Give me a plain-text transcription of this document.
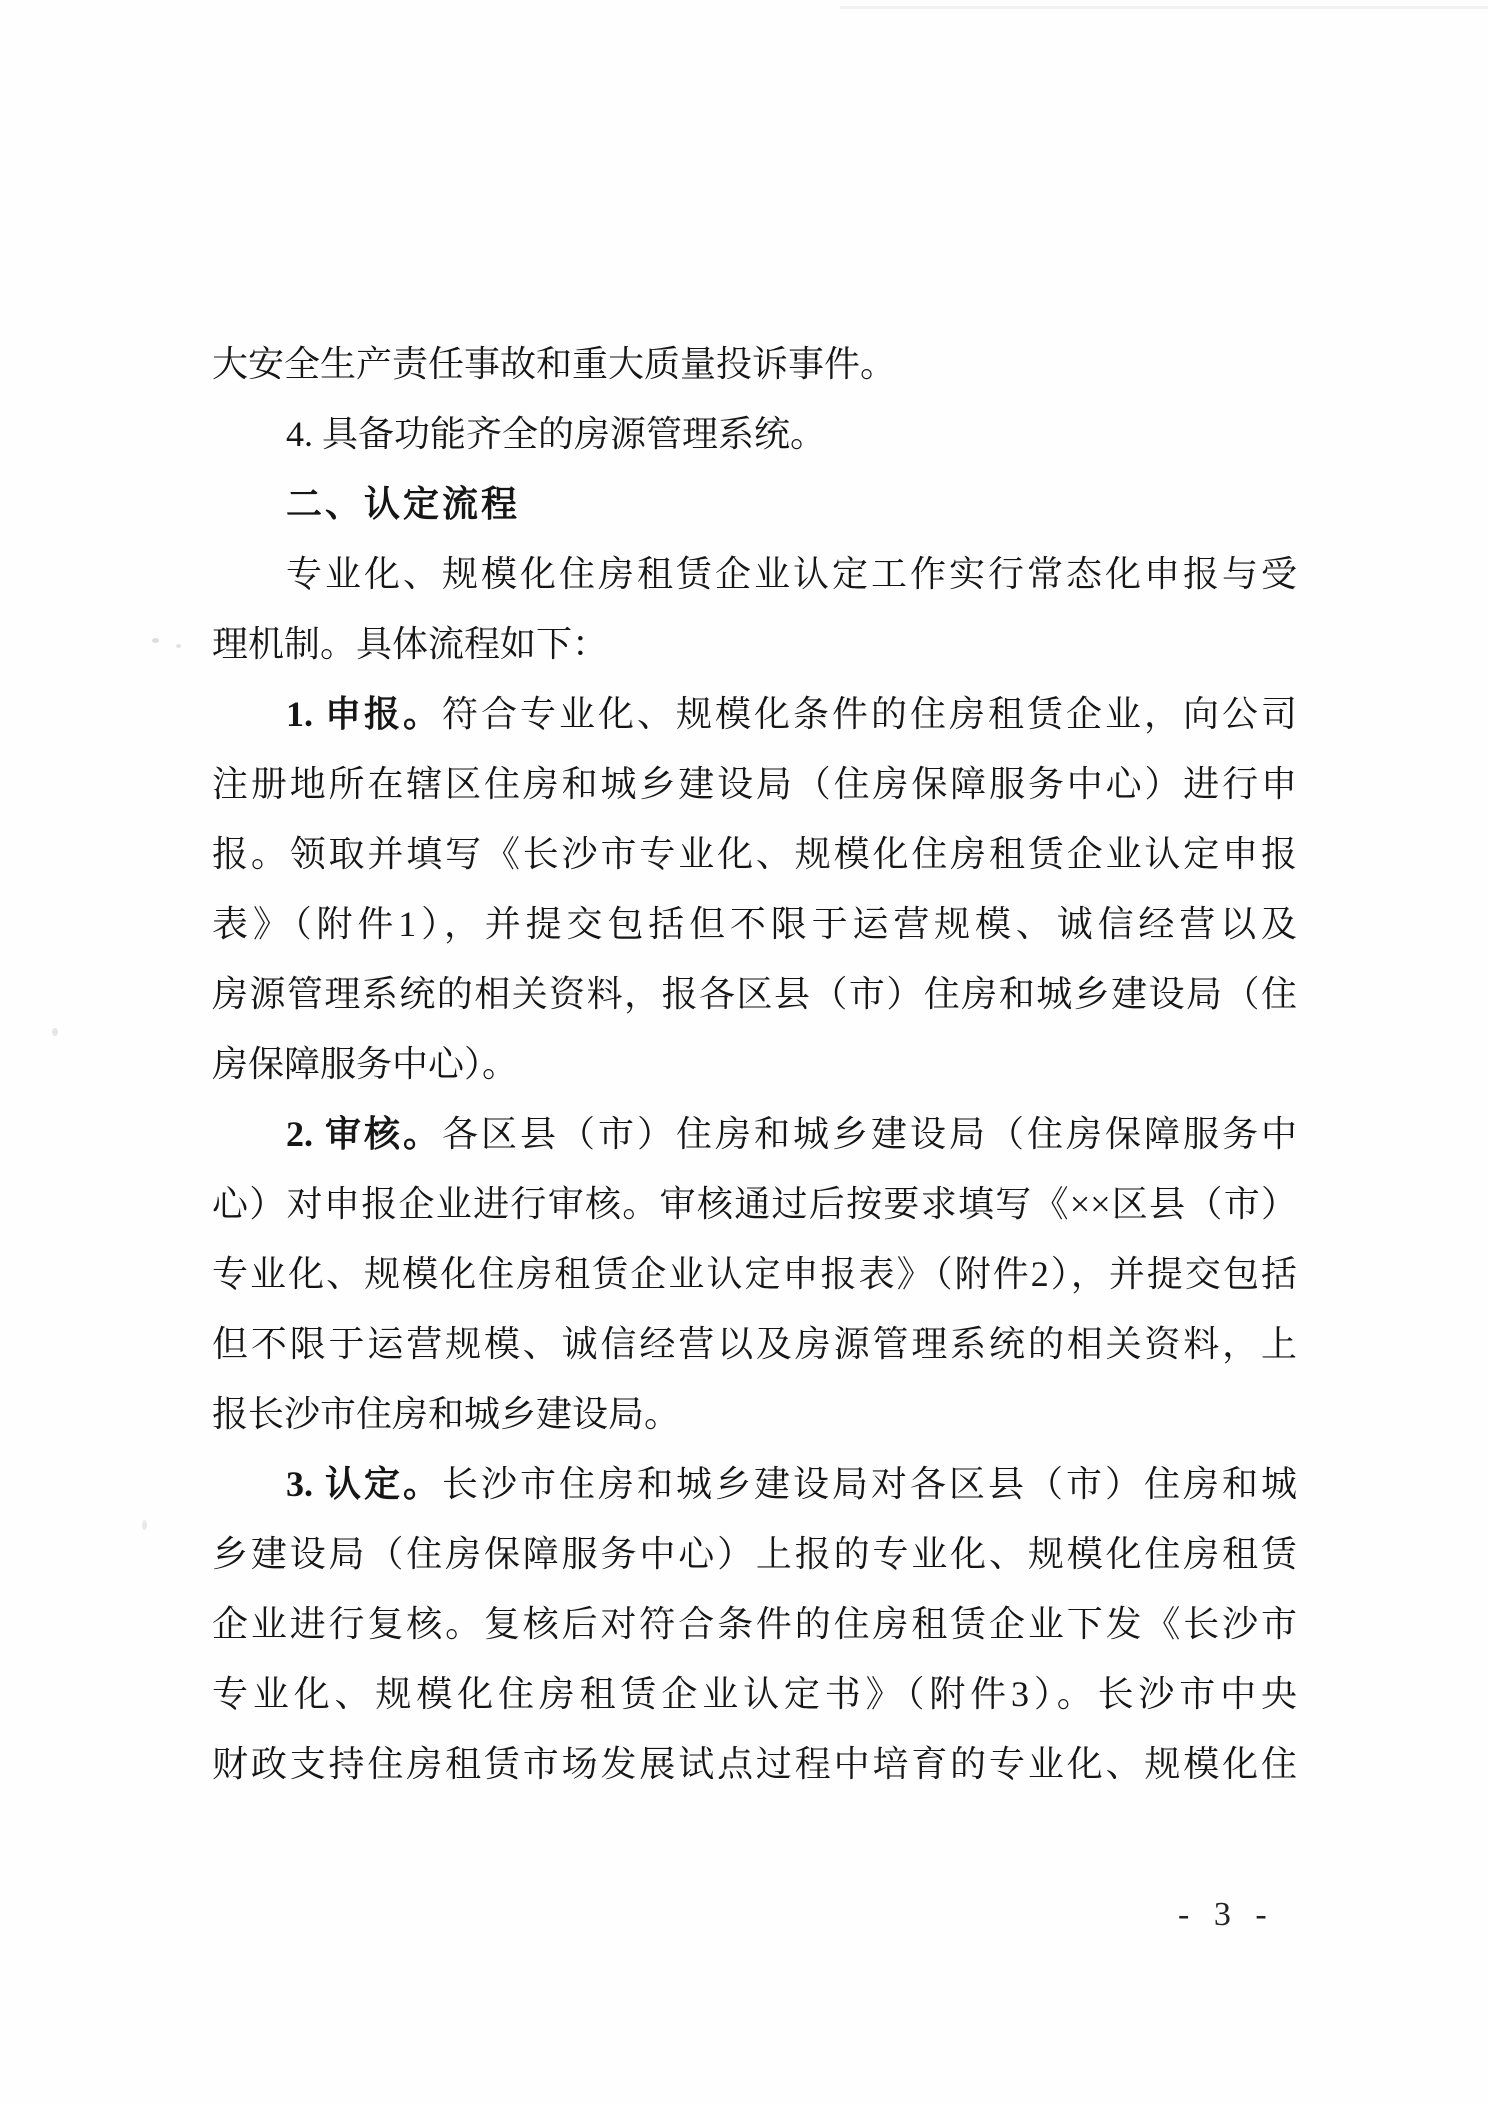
大安全生产责任事故和重大质量投诉事件。
4. 具备功能齐全的房源管理系统。
二、认定流程
专业化、规模化住房租赁企业认定工作实行常态化申报与受
理机制。具体流程如下：
1. 申报。符合专业化、规模化条件的住房租赁企业，向公司
注册地所在辖区住房和城乡建设局（住房保障服务中心）进行申
报。领取并填写《长沙市专业化、规模化住房租赁企业认定申报
表》（附件1），并提交包括但不限于运营规模、诚信经营以及
房源管理系统的相关资料，报各区县（市）住房和城乡建设局（住
房保障服务中心）。
2. 审核。各区县（市）住房和城乡建设局（住房保障服务中
心）对申报企业进行审核。审核通过后按要求填写《××区县（市）
专业化、规模化住房租赁企业认定申报表》（附件2），并提交包括
但不限于运营规模、诚信经营以及房源管理系统的相关资料，上
报长沙市住房和城乡建设局。
3. 认定。长沙市住房和城乡建设局对各区县（市）住房和城
乡建设局（住房保障服务中心）上报的专业化、规模化住房租赁
企业进行复核。复核后对符合条件的住房租赁企业下发《长沙市
专业化、规模化住房租赁企业认定书》（附件3）。长沙市中央
财政支持住房租赁市场发展试点过程中培育的专业化、规模化住
- 3 -
